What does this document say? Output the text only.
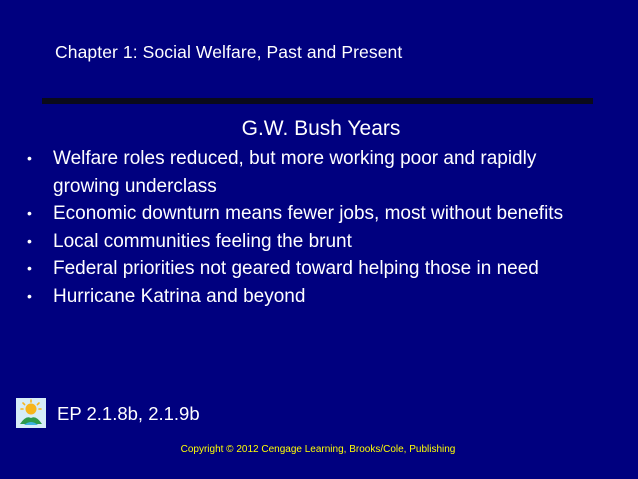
Chapter 1: Social Welfare, Past and Present
G.W. Bush Years
•	Welfare roles reduced, but more working poor and rapidly growing underclass
•	Economic downturn means fewer jobs, most without benefits
•	Local communities feeling the brunt
•	Federal priorities not geared toward helping those in need
•	Hurricane Katrina and beyond
EP 2.1.8b, 2.1.9b
Copyright © 2012 Cengage Learning, Brooks/Cole, Publishing
